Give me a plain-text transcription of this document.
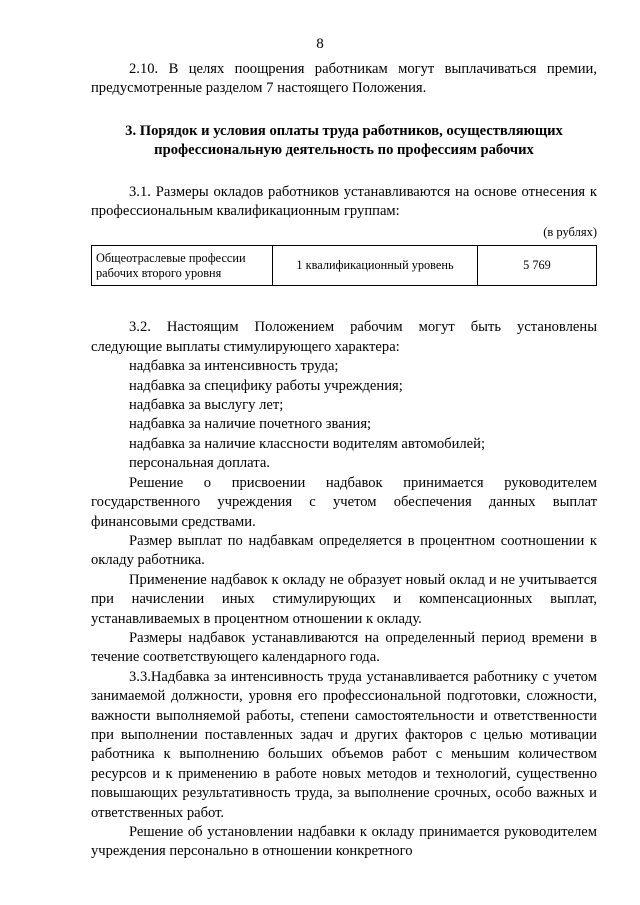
8

2.10. В целях поощрения работникам могут выплачиваться премии, предусмотренные разделом 7 настоящего Положения.

3. Порядок и условия оплаты труда работников, осуществляющих профессиональную деятельность по профессиям рабочих

3.1. Размеры окладов работников устанавливаются на основе отнесения к профессиональным квалификационным группам:

(в рублях)

Общеотраслевые профессии рабочих второго уровня	1 квалификационный уровень	5 769

3.2. Настоящим Положением рабочим могут быть установлены следующие выплаты стимулирующего характера:

надбавка за интенсивность труда;

надбавка за специфику работы учреждения;

надбавка за выслугу лет;

надбавка за наличие почетного звания;

надбавка за наличие классности водителям автомобилей;

персональная доплата.

Решение о присвоении надбавок принимается руководителем государственного учреждения с учетом обеспечения данных выплат финансовыми средствами.

Размер выплат по надбавкам определяется в процентном соотношении к окладу работника.

Применение надбавок к окладу не образует новый оклад и не учитывается при начислении иных стимулирующих и компенсационных выплат, устанавливаемых в процентном отношении к окладу.

Размеры надбавок устанавливаются на определенный период времени в течение соответствующего календарного года.

3.3.Надбавка за интенсивность труда устанавливается работнику с учетом занимаемой должности, уровня его профессиональной подготовки, сложности, важности выполняемой работы, степени самостоятельности и ответственности при выполнении поставленных задач и других факторов с целью мотивации работника к выполнению больших объемов работ с меньшим количеством ресурсов и к применению в работе новых методов и технологий, существенно повышающих результативность труда, за выполнение срочных, особо важных и ответственных работ.

Решение об установлении надбавки к окладу принимается руководителем учреждения персонально в отношении конкретного
